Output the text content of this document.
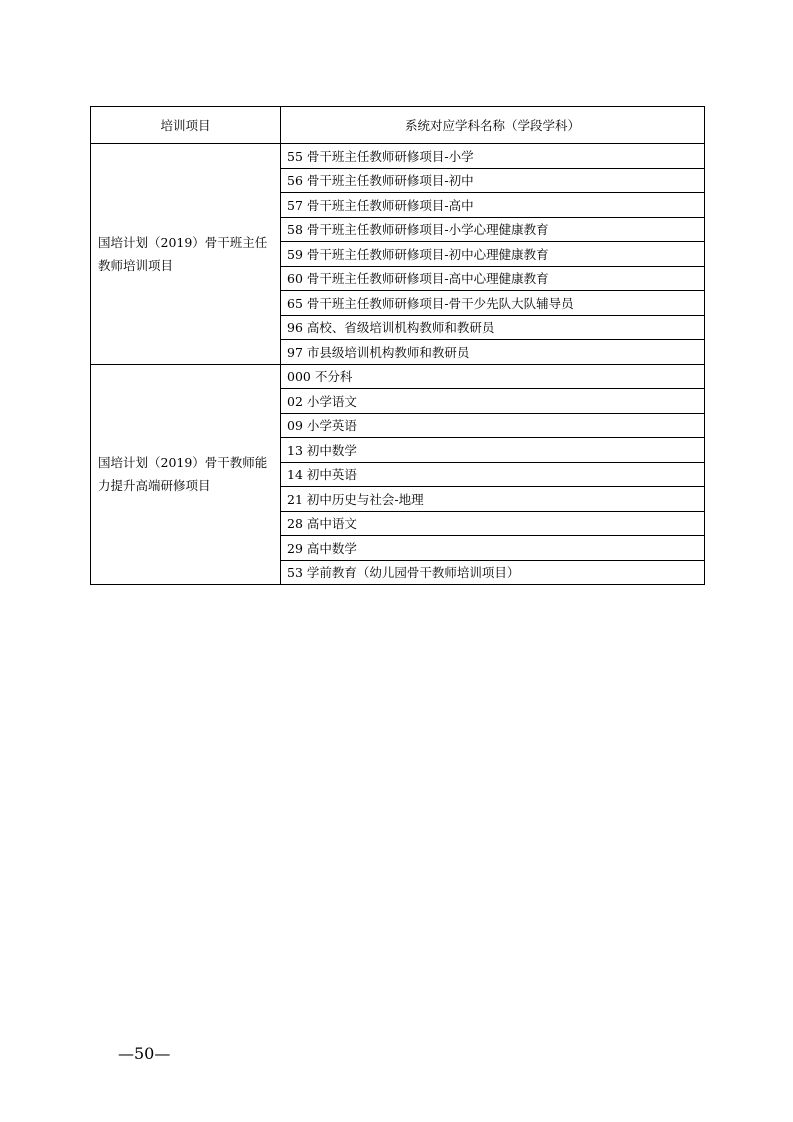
培训项目	系统对应学科名称（学段学科）
国培计划（2019）骨干班主任教师培训项目	55 骨干班主任教师研修项目-小学
	56 骨干班主任教师研修项目-初中
	57 骨干班主任教师研修项目-高中
	58 骨干班主任教师研修项目-小学心理健康教育
	59 骨干班主任教师研修项目-初中心理健康教育
	60 骨干班主任教师研修项目-高中心理健康教育
	65 骨干班主任教师研修项目-骨干少先队大队辅导员
	96 高校、省级培训机构教师和教研员
	97 市县级培训机构教师和教研员
国培计划（2019）骨干教师能力提升高端研修项目	000 不分科
	02 小学语文
	09 小学英语
	13 初中数学
	14 初中英语
	21 初中历史与社会-地理
	28 高中语文
	29 高中数学
	53 学前教育（幼儿园骨干教师培训项目）
—50—
